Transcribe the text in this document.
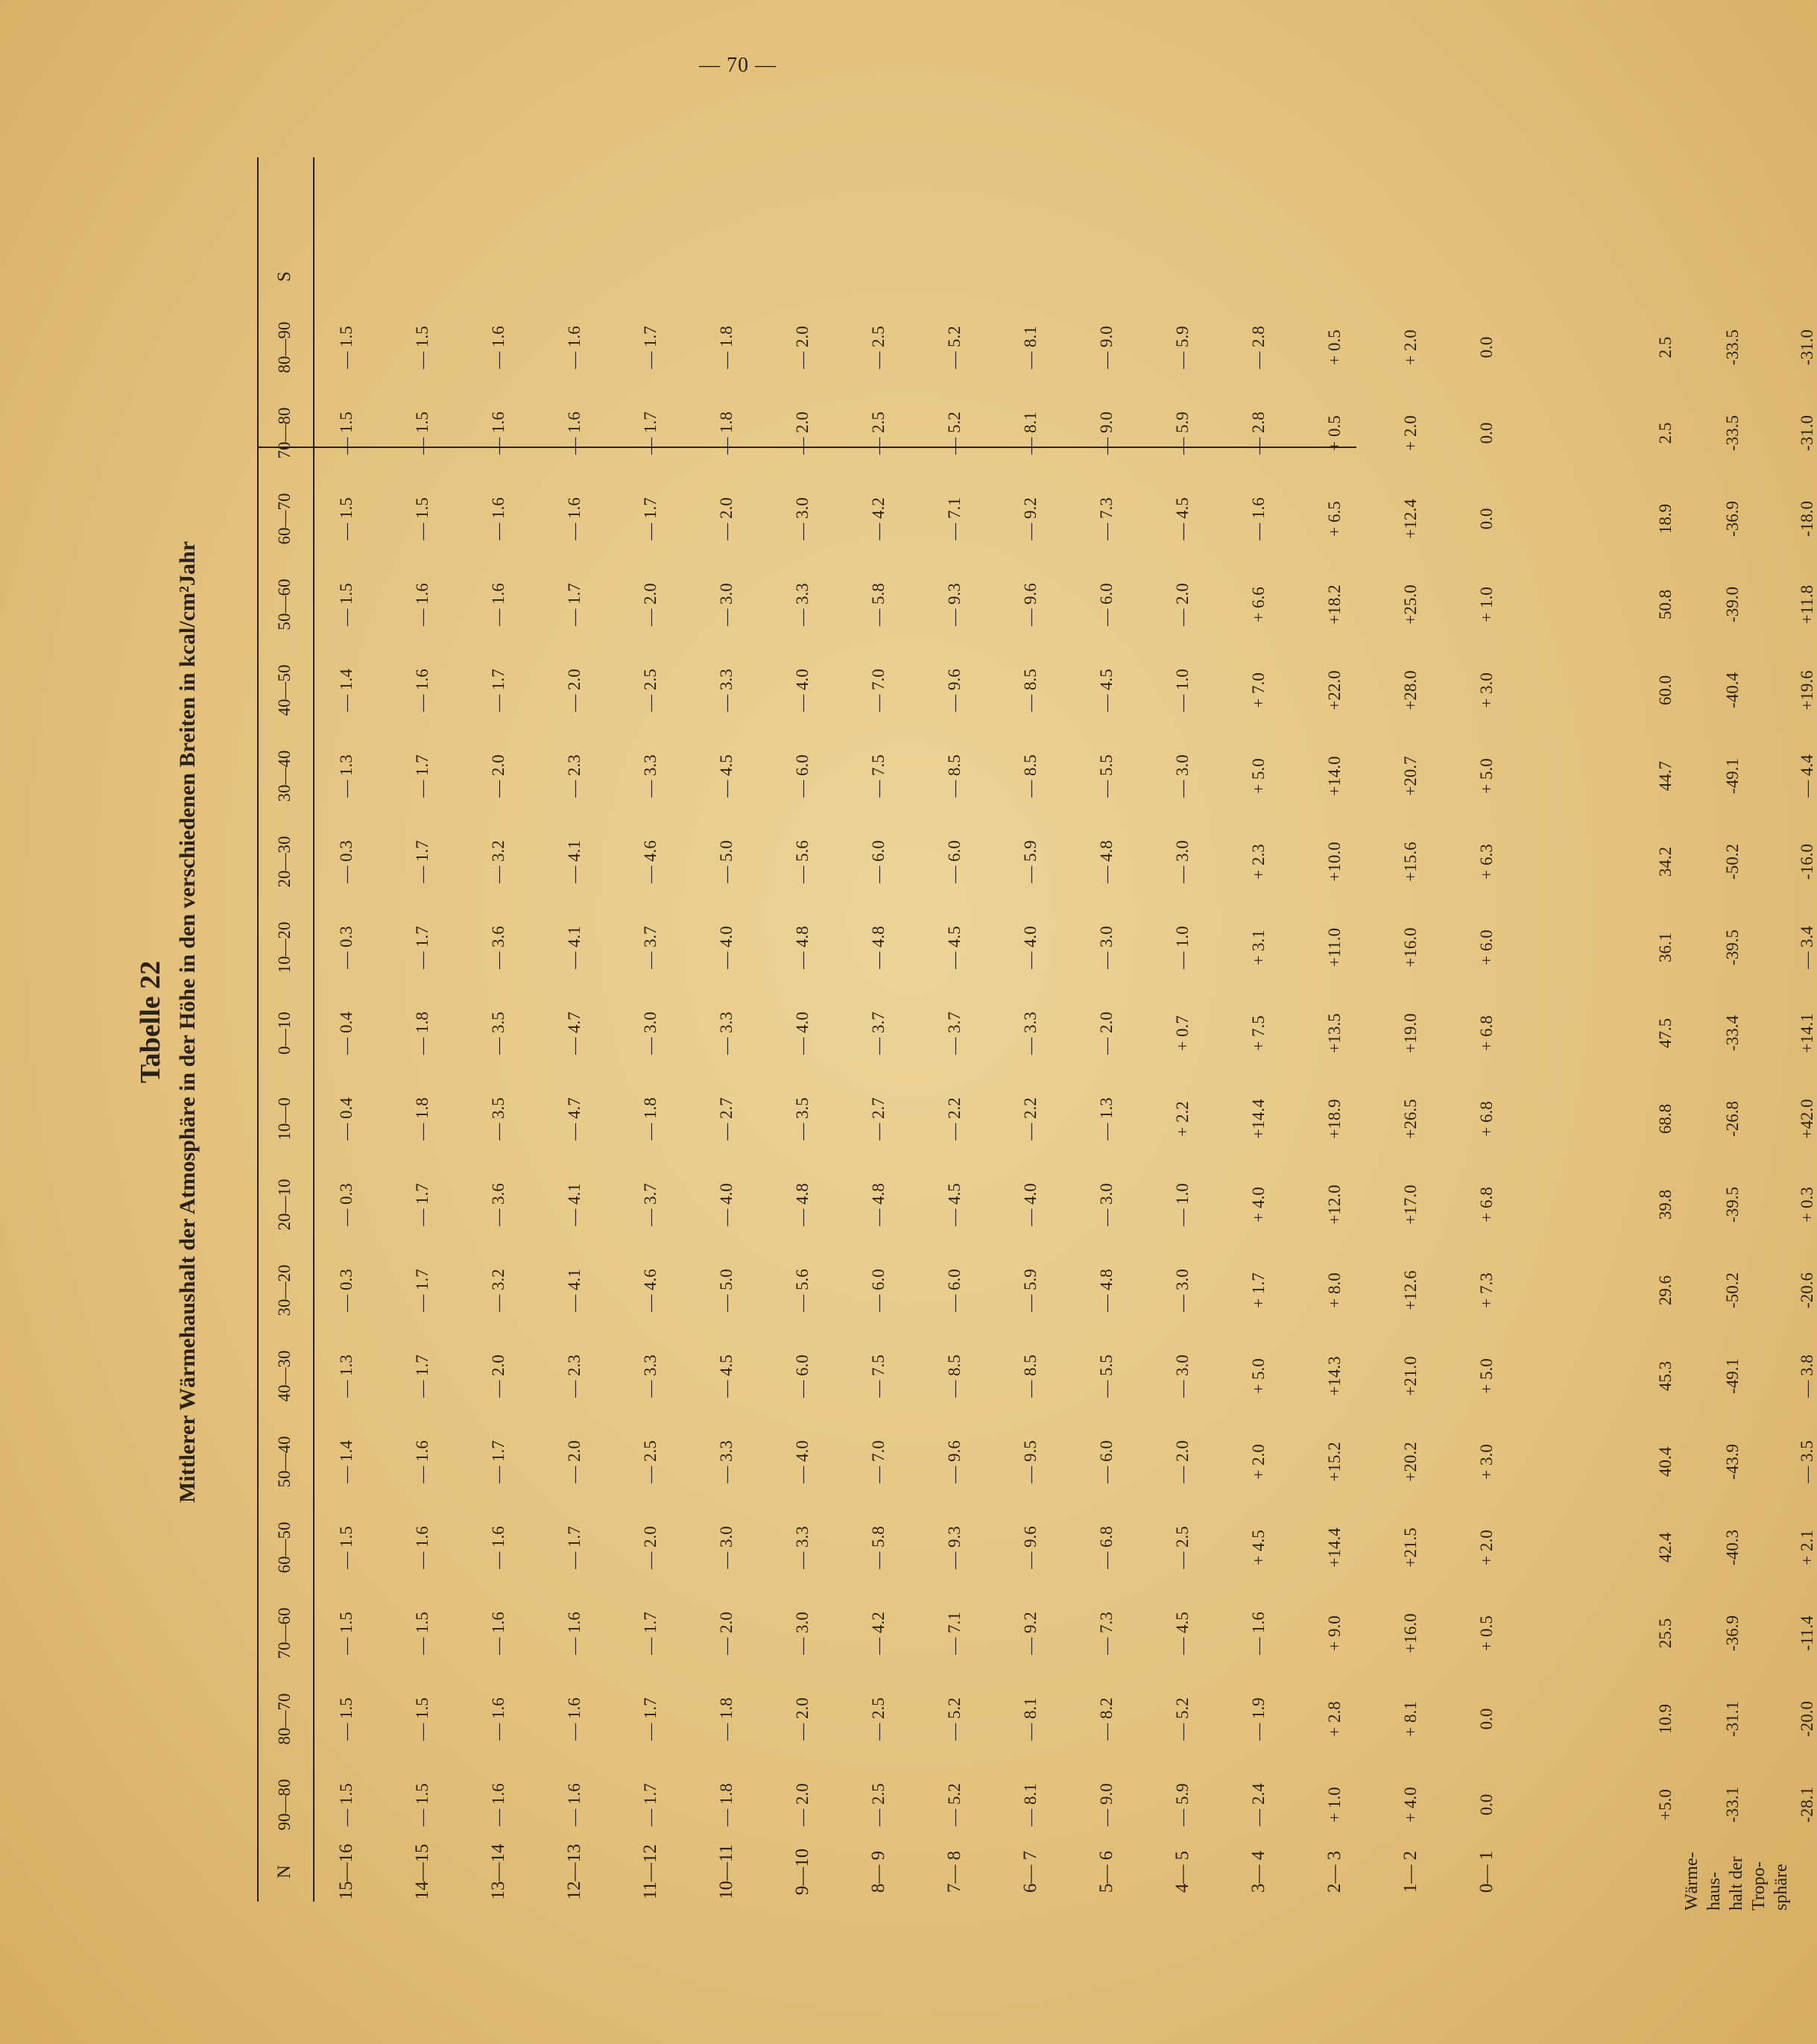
— 70 —
Tabelle 22 Mittlerer Wärmehaushalt der Atmosphäre in der Höhe in den verschiedenen Breiten in kcal/cm²Jahr
N
90—80
80—70
70—60
60—50
50—40
40—30
30—20
20—10
10—0
0—10
10—20
20—30
30—40
40—50
50—60
60—70
70—80
80—90
S
15—16
— 1.5
— 1.5
— 1.5
— 1.5
— 1.4
— 1.3
— 0.3
— 0.3
— 0.4
— 0.4
— 0.3
— 0.3
— 1.3
— 1.4
— 1.5
— 1.5
— 1.5
— 1.5
14—15
— 1.5
— 1.5
— 1.5
— 1.6
— 1.6
— 1.7
— 1.7
— 1.7
— 1.8
— 1.8
— 1.7
— 1.7
— 1.7
— 1.6
— 1.6
— 1.5
— 1.5
— 1.5
13—14
— 1.6
— 1.6
— 1.6
— 1.6
— 1.7
— 2.0
— 3.2
— 3.6
— 3.5
— 3.5
— 3.6
— 3.2
— 2.0
— 1.7
— 1.6
— 1.6
— 1.6
— 1.6
12—13
— 1.6
— 1.6
— 1.6
— 1.7
— 2.0
— 2.3
— 4.1
— 4.1
— 4.7
— 4.7
— 4.1
— 4.1
— 2.3
— 2.0
— 1.7
— 1.6
— 1.6
— 1.6
11—12
— 1.7
— 1.7
— 1.7
— 2.0
— 2.5
— 3.3
— 4.6
— 3.7
— 1.8
— 3.0
— 3.7
— 4.6
— 3.3
— 2.5
— 2.0
— 1.7
— 1.7
— 1.7
10—11
— 1.8
— 1.8
— 2.0
— 3.0
— 3.3
— 4.5
— 5.0
— 4.0
— 2.7
— 3.3
— 4.0
— 5.0
— 4.5
— 3.3
— 3.0
— 2.0
— 1.8
— 1.8
9—10
— 2.0
— 2.0
— 3.0
— 3.3
— 4.0
— 6.0
— 5.6
— 4.8
— 3.5
— 4.0
— 4.8
— 5.6
— 6.0
— 4.0
— 3.3
— 3.0
— 2.0
— 2.0
8— 9
— 2.5
— 2.5
— 4.2
— 5.8
— 7.0
— 7.5
— 6.0
— 4.8
— 2.7
— 3.7
— 4.8
— 6.0
— 7.5
— 7.0
— 5.8
— 4.2
— 2.5
— 2.5
7— 8
— 5.2
— 5.2
— 7.1
— 9.3
— 9.6
— 8.5
— 6.0
— 4.5
— 2.2
— 3.7
— 4.5
— 6.0
— 8.5
— 9.6
— 9.3
— 7.1
— 5.2
— 5.2
6— 7
— 8.1
— 8.1
— 9.2
— 9.6
— 9.5
— 8.5
— 5.9
— 4.0
— 2.2
— 3.3
— 4.0
— 5.9
— 8.5
— 8.5
— 9.6
— 9.2
— 8.1
— 8.1
5— 6
— 9.0
— 8.2
— 7.3
— 6.8
— 6.0
— 5.5
— 4.8
— 3.0
— 1.3
— 2.0
— 3.0
— 4.8
— 5.5
— 4.5
— 6.0
— 7.3
— 9.0
— 9.0
4— 5
— 5.9
— 5.2
— 4.5
— 2.5
— 2.0
— 3.0
— 3.0
— 1.0
+ 2.2
+ 0.7
— 1.0
— 3.0
— 3.0
— 1.0
— 2.0
— 4.5
— 5.9
— 5.9
3— 4
— 2.4
— 1.9
— 1.6
+ 4.5
+ 2.0
+ 5.0
+ 1.7
+ 4.0
+14.4
+ 7.5
+ 3.1
+ 2.3
+ 5.0
+ 7.0
+ 6.6
— 1.6
— 2.8
— 2.8
2— 3
+ 1.0
+ 2.8
+ 9.0
+14.4
+15.2
+14.3
+ 8.0
+12.0
+18.9
+13.5
+11.0
+10.0
+14.0
+22.0
+18.2
+ 6.5
+ 0.5
+ 0.5
1— 2
+ 4.0
+ 8.1
+16.0
+21.5
+20.2
+21.0
+12.6
+17.0
+26.5
+19.0
+16.0
+15.6
+20.7
+28.0
+25.0
+12.4
+ 2.0
+ 2.0
0— 1
0.0
0.0
+ 0.5
+ 2.0
+ 3.0
+ 5.0
+ 7.3
+ 6.8
+ 6.8
+ 6.8
+ 6.0
+ 6.3
+ 5.0
+ 3.0
+ 1.0
0.0
0.0
0.0
Wärme-
haus-
halt der
Tropo-
sphäre
+5.0
10.9
25.5
42.4
40.4
45.3
29.6
39.8
68.8
47.5
36.1
34.2
44.7
60.0
50.8
18.9
2.5
2.5
-33.1
-31.1
-36.9
-40.3
-43.9
-49.1
-50.2
-39.5
-26.8
-33.4
-39.5
-50.2
-49.1
-40.4
-39.0
-36.9
-33.5
-33.5
-28.1
-20.0
-11.4
+ 2.1
— 3.5
— 3.8
-20.6
+ 0.3
+42.0
+14.1
— 3.4
-16.0
— 4.4
+19.6
+11.8
-18.0
-31.0
-31.0
